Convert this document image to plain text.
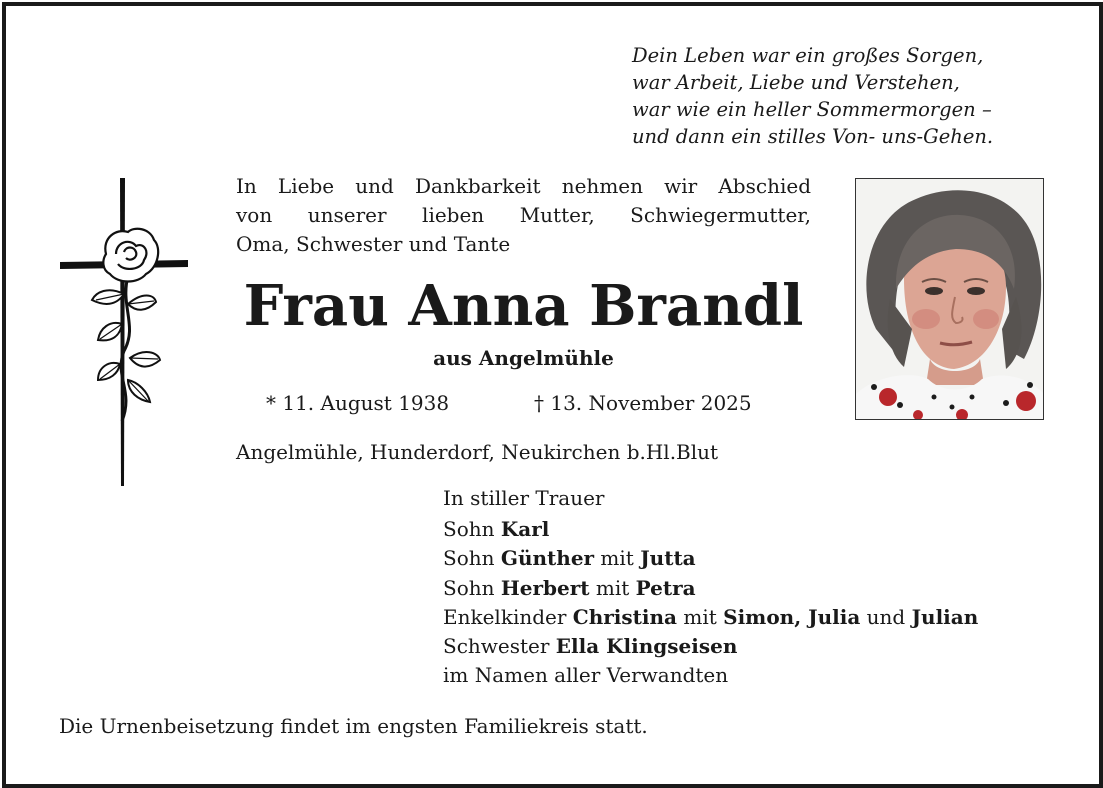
Dein Leben war ein großes Sorgen,
war Arbeit, Liebe und Verstehen,
war wie ein heller Sommermorgen –
und dann ein stilles Von- uns-Gehen.
In Liebe und Dankbarkeit nehmen wir Abschied
von unserer lieben Mutter, Schwiegermutter,
Oma, Schwester und Tante
Frau Anna Brandl
aus Angelmühle
* 11. August 1938	† 13. November 2025
Angelmühle, Hunderdorf, Neukirchen b.Hl.Blut
In stiller Trauer
Sohn Karl
Sohn Günther mit Jutta
Sohn Herbert mit Petra
Enkelkinder Christina mit Simon, Julia und Julian
Schwester Ella Klingseisen
im Namen aller Verwandten
Die Urnenbeisetzung findet im engsten Familiekreis statt.
